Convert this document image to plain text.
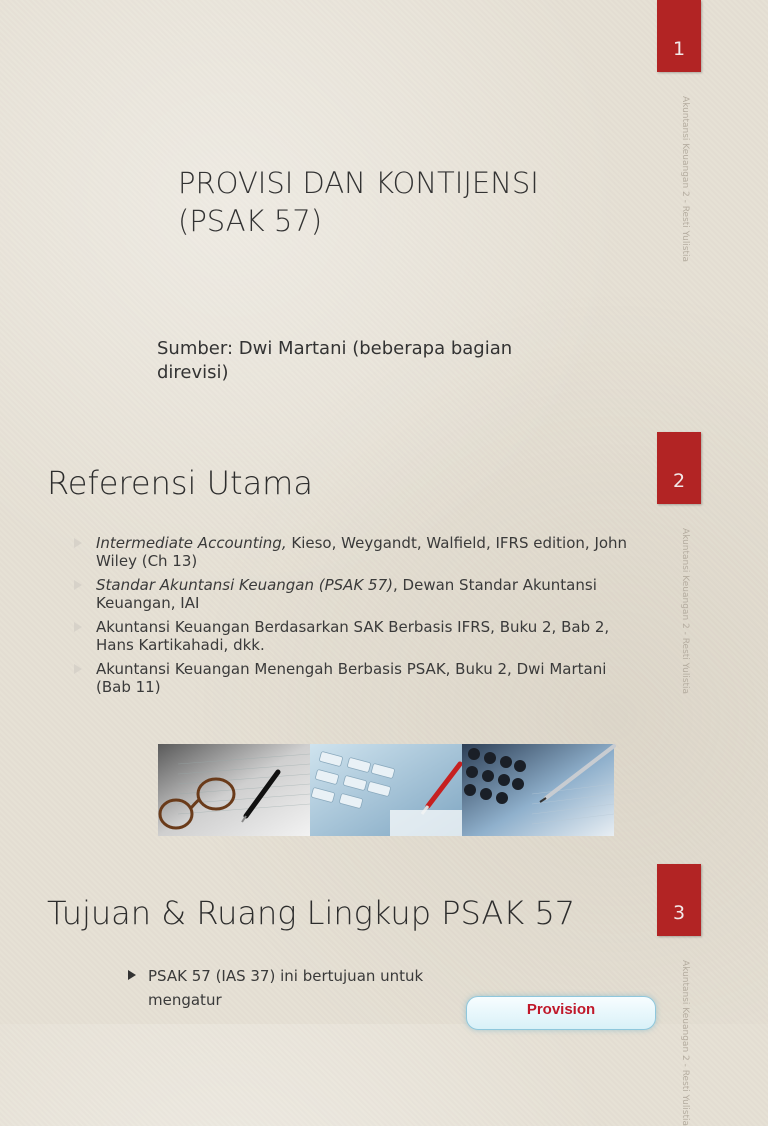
1
Akuntansi Keuangan 2 - Resti Yulistia
PROVISI DAN KONTIJENSI
(PSAK 57)
Sumber: Dwi Martani (beberapa bagian
direvisi)
2
Akuntansi Keuangan 2 - Resti Yulistia
Referensi Utama
Intermediate Accounting, Kieso, Weygandt, Walfield, IFRS edition, John Wiley (Ch 13)
Standar Akuntansi Keuangan (PSAK 57), Dewan Standar Akuntansi Keuangan, IAI
Akuntansi Keuangan Berdasarkan SAK Berbasis IFRS, Buku 2, Bab 2, Hans Kartikahadi, dkk.
Akuntansi Keuangan Menengah Berbasis PSAK, Buku 2, Dwi Martani (Bab 11)
3
Akuntansi Keuangan 2 - Resti Yulistia
Tujuan & Ruang Lingkup PSAK 57
PSAK 57 (IAS 37) ini bertujuan untuk
mengatur
Provision
